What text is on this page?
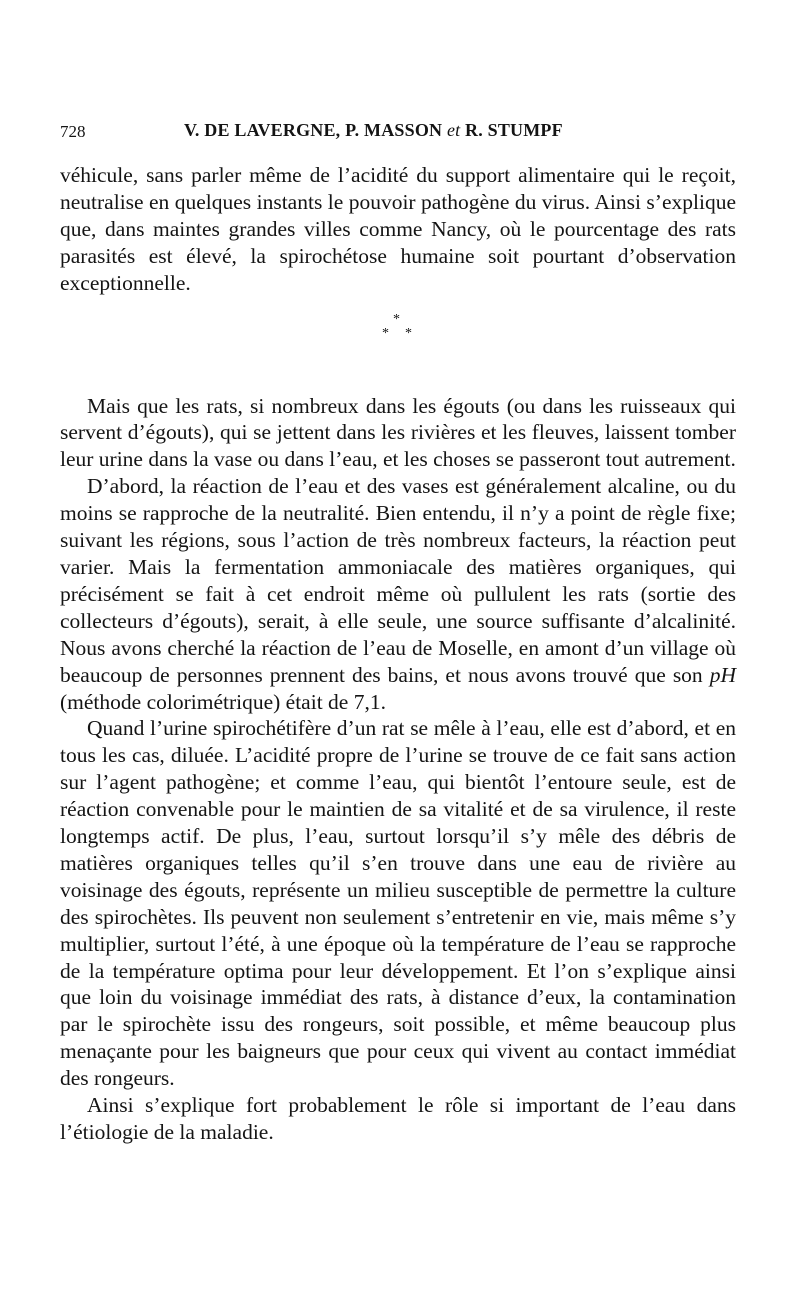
728	V. DE LAVERGNE, P. MASSON et R. STUMPF

véhicule, sans parler même de l’acidité du support alimentaire qui le reçoit, neutralise en quelques instants le pouvoir pathogène du virus. Ainsi s’explique que, dans maintes grandes villes comme Nancy, où le pourcentage des rats parasités est élevé, la spirochétose humaine soit pourtant d’observation exceptionnelle.

*
* *

Mais que les rats, si nombreux dans les égouts (ou dans les ruisseaux qui servent d’égouts), qui se jettent dans les rivières et les fleuves, laissent tomber leur urine dans la vase ou dans l’eau, et les choses se passeront tout autrement.

D’abord, la réaction de l’eau et des vases est généralement alcaline, ou du moins se rapproche de la neutralité. Bien entendu, il n’y a point de règle fixe; suivant les régions, sous l’action de très nombreux facteurs, la réaction peut varier. Mais la fermentation ammoniacale des matières organiques, qui précisément se fait à cet endroit même où pullulent les rats (sortie des collecteurs d’égouts), serait, à elle seule, une source suffisante d’alcalinité. Nous avons cherché la réaction de l’eau de Moselle, en amont d’un village où beaucoup de personnes prennent des bains, et nous avons trouvé que son pH (méthode colorimétrique) était de 7,1.

Quand l’urine spirochétifère d’un rat se mêle à l’eau, elle est d’abord, et en tous les cas, diluée. L’acidité propre de l’urine se trouve de ce fait sans action sur l’agent pathogène; et comme l’eau, qui bientôt l’entoure seule, est de réaction convenable pour le maintien de sa vitalité et de sa virulence, il reste longtemps actif. De plus, l’eau, surtout lorsqu’il s’y mêle des débris de matières organiques telles qu’il s’en trouve dans une eau de rivière au voisinage des égouts, représente un milieu susceptible de permettre la culture des spirochètes. Ils peuvent non seulement s’entretenir en vie, mais même s’y multiplier, surtout l’été, à une époque où la température de l’eau se rapproche de la température optima pour leur développement. Et l’on s’explique ainsi que loin du voisinage immédiat des rats, à distance d’eux, la contamination par le spirochète issu des rongeurs, soit possible, et même beaucoup plus menaçante pour les baigneurs que pour ceux qui vivent au contact immédiat des rongeurs.

Ainsi s’explique fort probablement le rôle si important de l’eau dans l’étiologie de la maladie.
